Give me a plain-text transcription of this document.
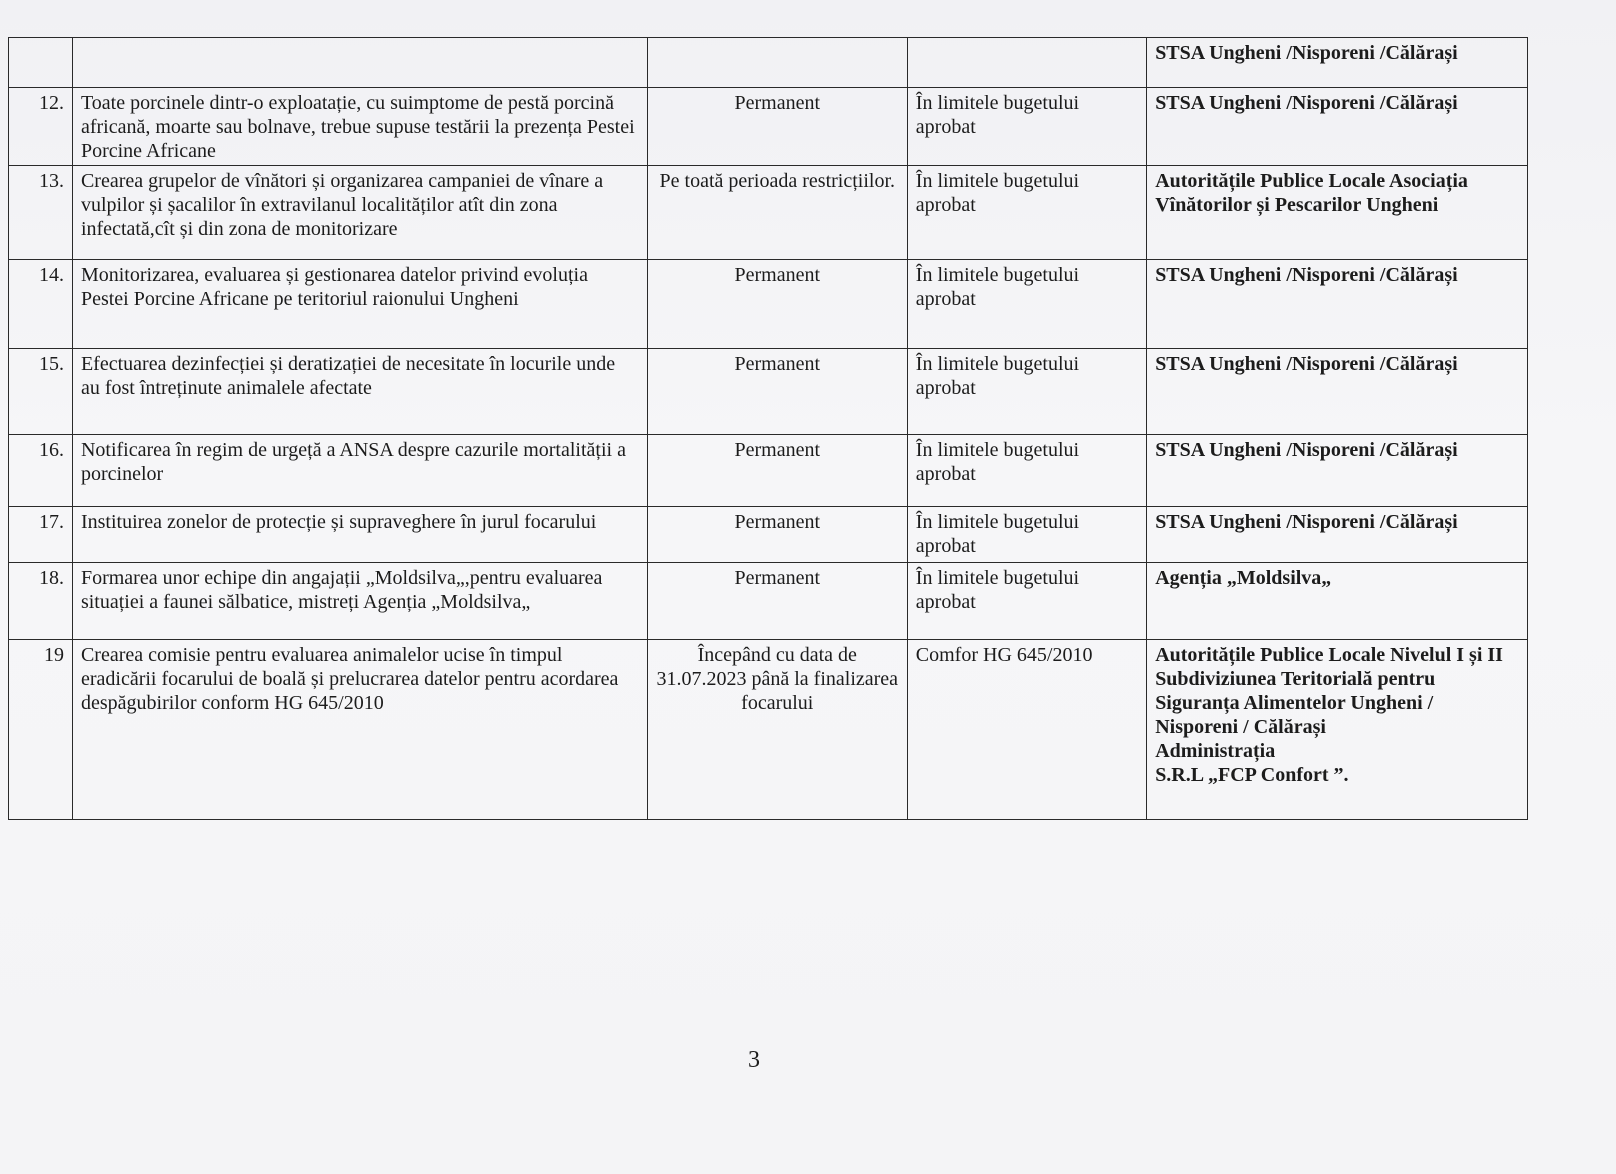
				STSA Ungheni /Nisporeni /Călărași
12.	Toate porcinele dintr-o exploatație, cu suimptome de pestă porcină africană, moarte sau bolnave, trebue supuse testării la prezența Pestei Porcine Africane	Permanent	În limitele bugetului aprobat	STSA Ungheni /Nisporeni /Călărași
13.	Crearea grupelor de vînători și organizarea campaniei de vînare a vulpilor și șacalilor în extravilanul localităților atît din zona infectată,cît și din zona de monitorizare	Pe toată perioada restricțiilor.	În limitele bugetului aprobat	Autoritățile Publice Locale Asociația Vînătorilor și Pescarilor Ungheni
14.	Monitorizarea, evaluarea și gestionarea datelor privind evoluția Pestei Porcine Africane pe teritoriul raionului Ungheni	Permanent	În limitele bugetului aprobat	STSA Ungheni /Nisporeni /Călărași
15.	Efectuarea dezinfecției și deratizației de necesitate în locurile unde au fost întreținute animalele afectate	Permanent	În limitele bugetului aprobat	STSA Ungheni /Nisporeni /Călărași
16.	Notificarea în regim de urgeță a ANSA despre cazurile mortalității a porcinelor	Permanent	În limitele bugetului aprobat	STSA Ungheni /Nisporeni /Călărași
17.	Instituirea zonelor de protecție și supraveghere în jurul focarului	Permanent	În limitele bugetului aprobat	STSA Ungheni /Nisporeni /Călărași
18.	Formarea unor echipe din angajații „Moldsilva„,pentru evaluarea situației a faunei sălbatice, mistreți Agenția „Moldsilva„	Permanent	În limitele bugetului aprobat	Agenția „Moldsilva„
19	Crearea comisie pentru evaluarea animalelor ucise în timpul eradicării focarului de boală și prelucrarea datelor pentru acordarea despăgubirilor conform HG 645/2010	Începând cu data de 31.07.2023 până la finalizarea focarului	Comfor HG 645/2010	Autoritățile Publice Locale Nivelul I și II
Subdiviziunea Teritorială pentru Siguranța Alimentelor Ungheni / Nisporeni / Călărași
Administrația
S.R.L „FCP Confort ”.
3
